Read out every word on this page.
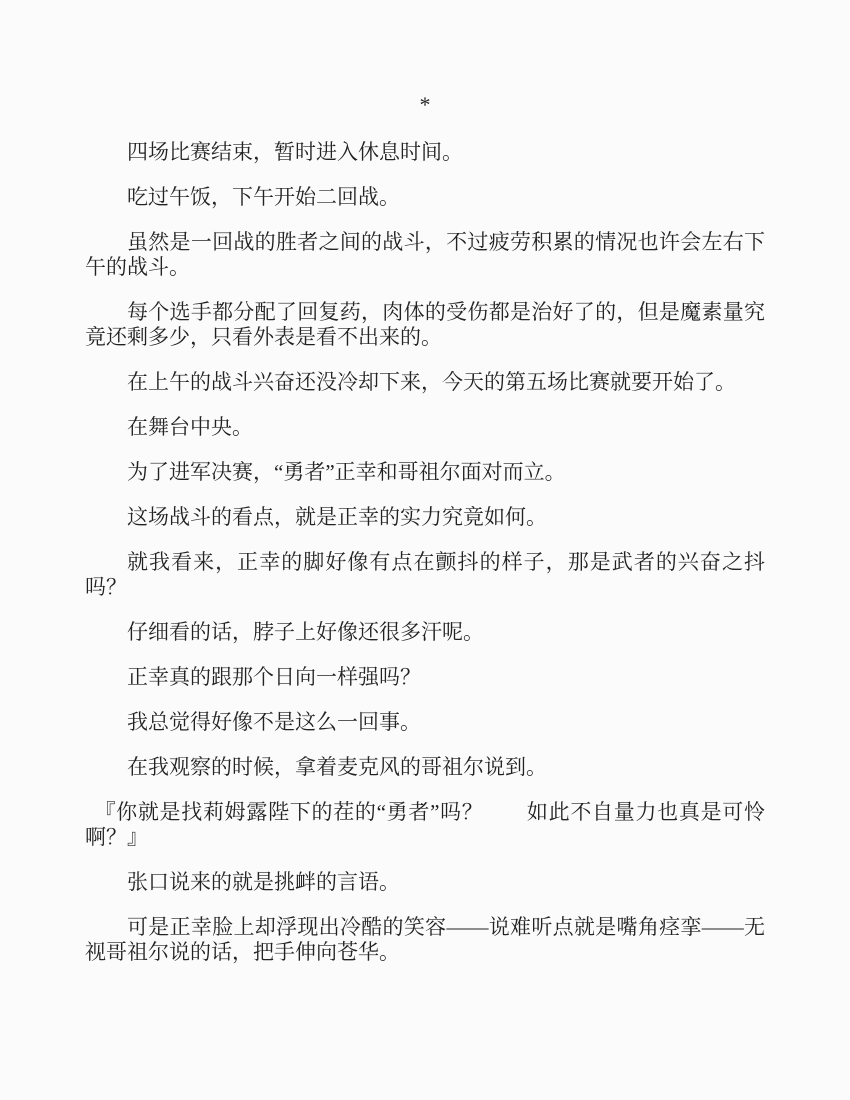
*

四场比赛结束，暂时进入休息时间。

吃过午饭，下午开始二回战。

虽然是一回战的胜者之间的战斗，不过疲劳积累的情况也许会左右下午的战斗。

每个选手都分配了回复药，肉体的受伤都是治好了的，但是魔素量究竟还剩多少，只看外表是看不出来的。

在上午的战斗兴奋还没冷却下来，今天的第五场比赛就要开始了。

在舞台中央。

为了进军决赛，“勇者”正幸和哥祖尔面对而立。

这场战斗的看点，就是正幸的实力究竟如何。

就我看来，正幸的脚好像有点在颤抖的样子，那是武者的兴奋之抖吗？

仔细看的话，脖子上好像还很多汗呢。

正幸真的跟那个日向一样强吗？

我总觉得好像不是这么一回事。

在我观察的时候，拿着麦克风的哥祖尔说到。

『你就是找莉姆露陛下的茬的“勇者”吗？　　如此不自量力也真是可怜啊？』

张口说来的就是挑衅的言语。

可是正幸脸上却浮现出冷酷的笑容——说难听点就是嘴角痉挛——无视哥祖尔说的话，把手伸向苍华。
